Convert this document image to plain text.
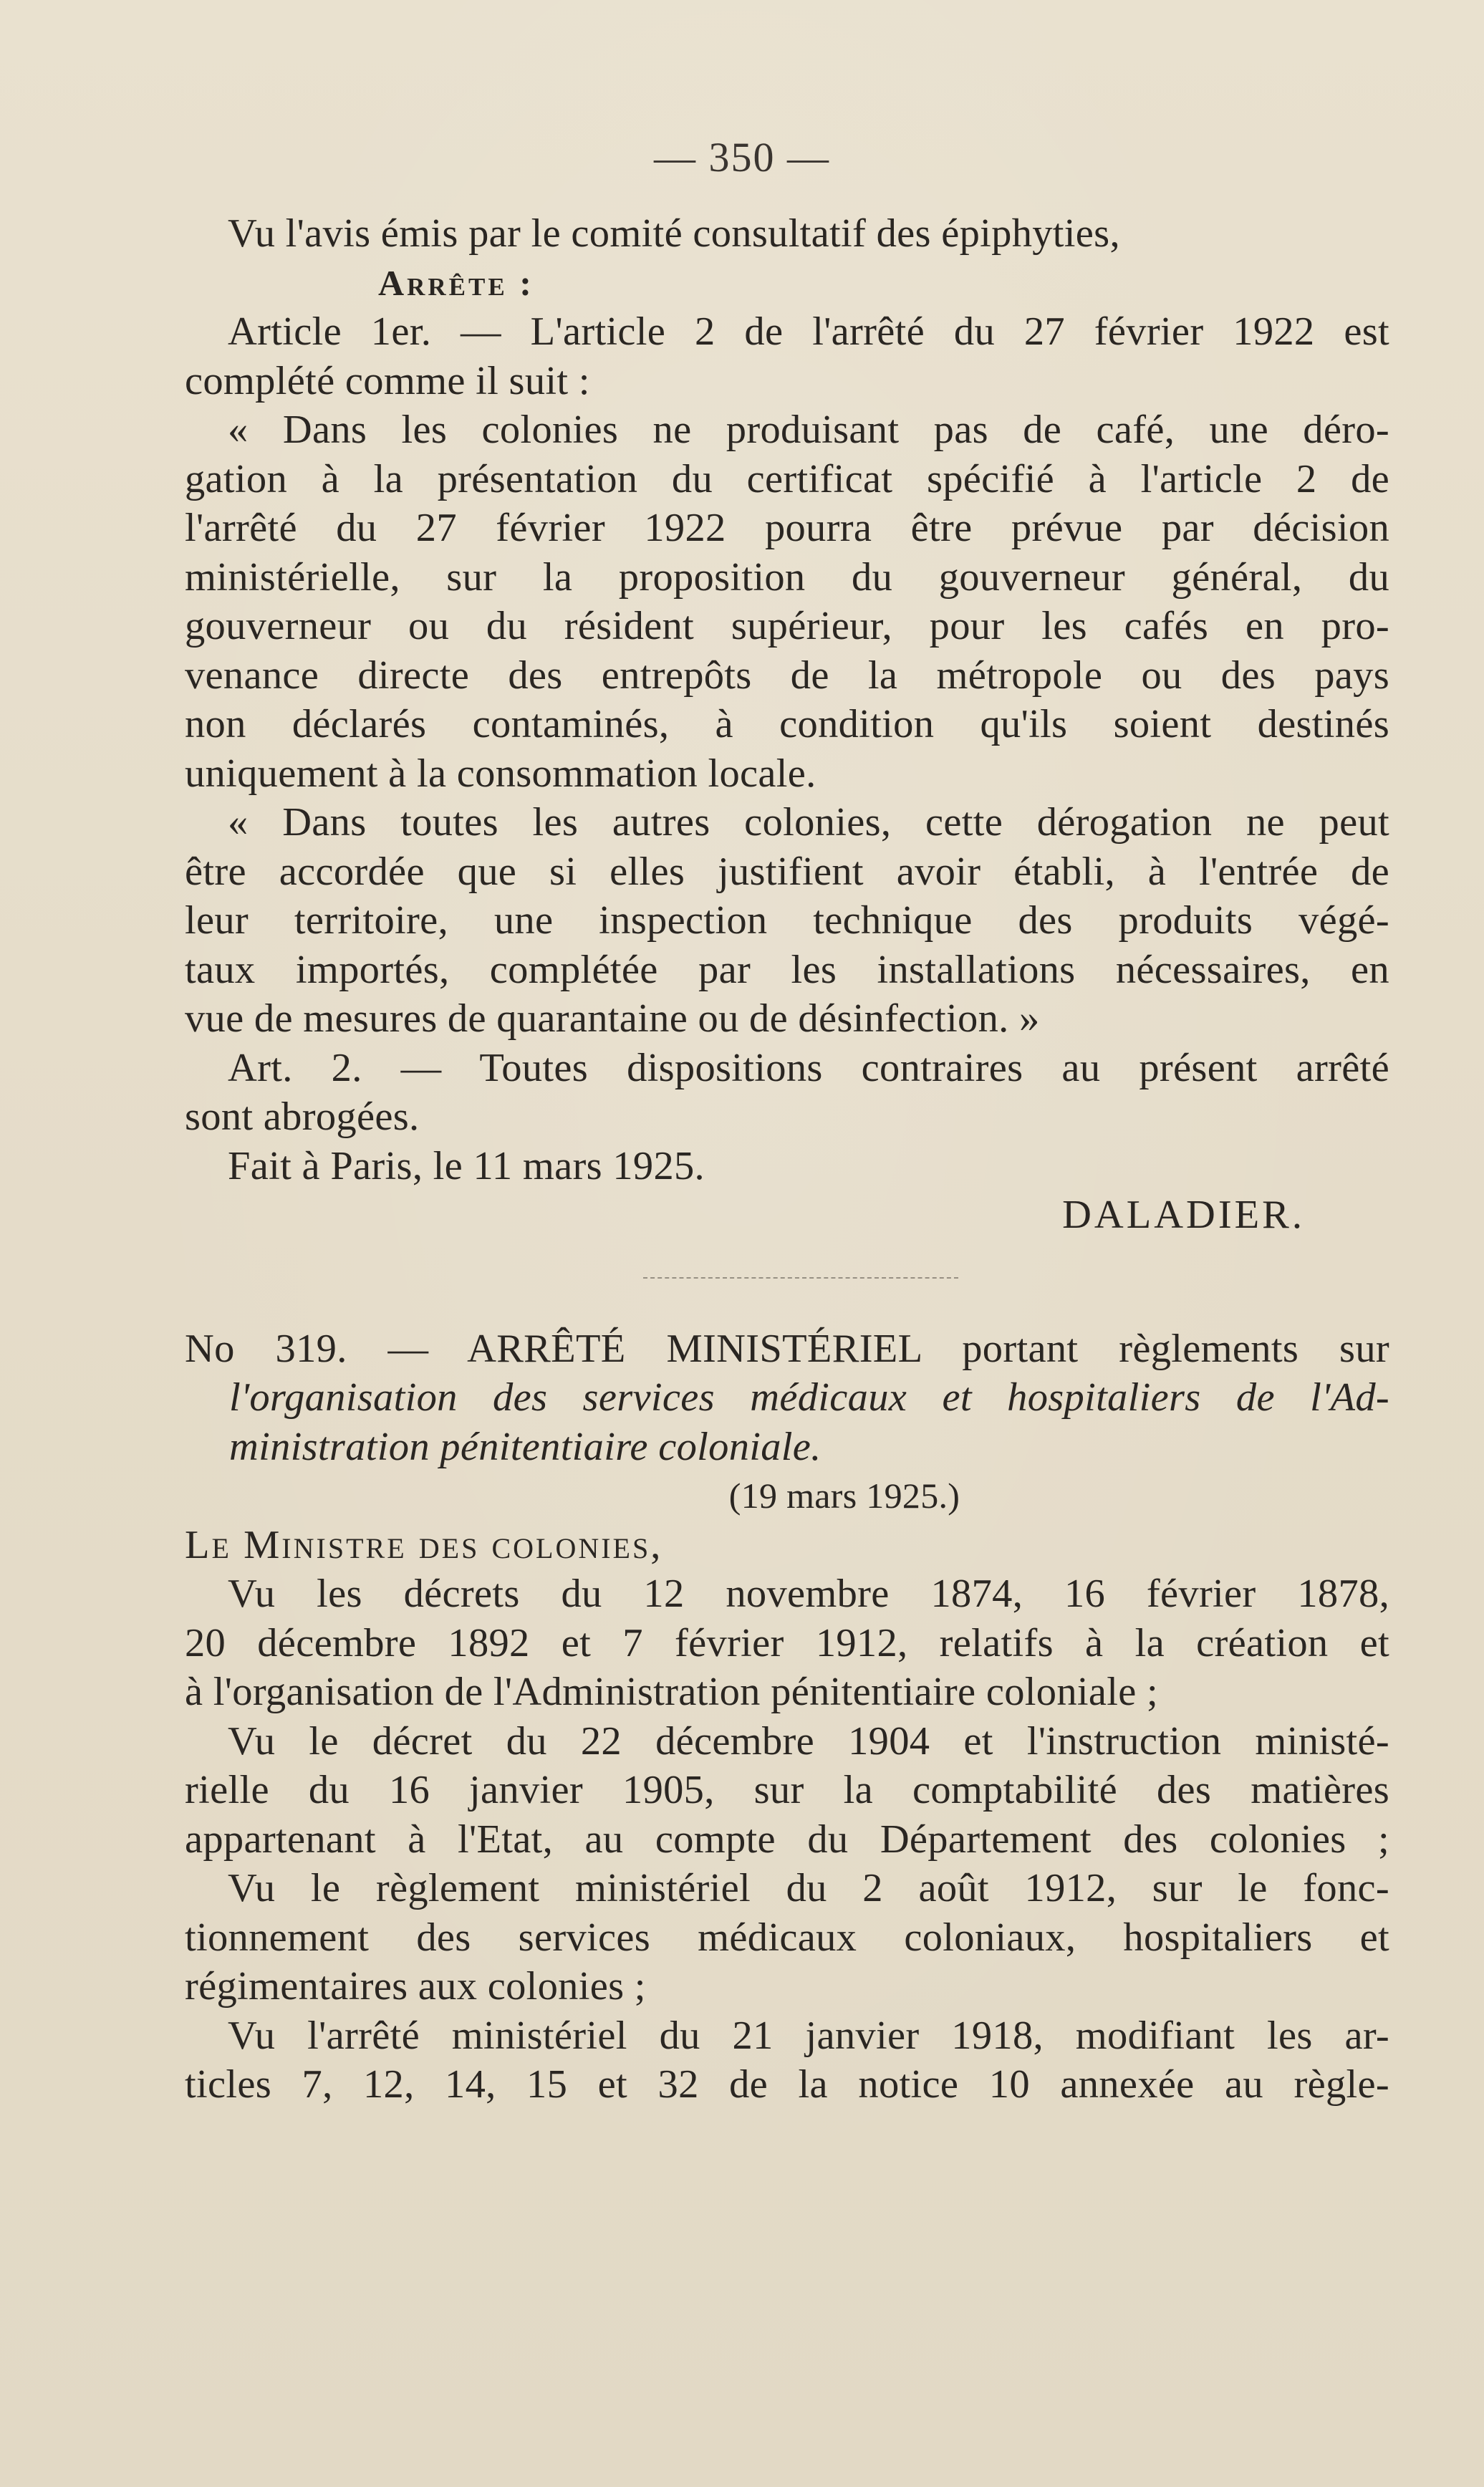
— 350 —
Vu l'avis émis par le comité consultatif des épiphyties,
Arrête :
Article 1er. — L'article 2 de l'arrêté du 27 février 1922 est
complété comme il suit :
« Dans les colonies ne produisant pas de café, une déro-
gation à la présentation du certificat spécifié à l'article 2 de
l'arrêté du 27 février 1922 pourra être prévue par décision
ministérielle, sur la proposition du gouverneur général, du
gouverneur ou du résident supérieur, pour les cafés en pro-
venance directe des entrepôts de la métropole ou des pays
non déclarés contaminés, à condition qu'ils soient destinés
uniquement à la consommation locale.
« Dans toutes les autres colonies, cette dérogation ne peut
être accordée que si elles justifient avoir établi, à l'entrée de
leur territoire, une inspection technique des produits végé-
taux importés, complétée par les installations nécessaires, en
vue de mesures de quarantaine ou de désinfection. »
Art. 2. — Toutes dispositions contraires au présent arrêté
sont abrogées.
Fait à Paris, le 11 mars 1925.
DALADIER.
No 319. — ARRÊTÉ MINISTÉRIEL portant règlements sur
l'organisation des services médicaux et hospitaliers de l'Ad-
ministration pénitentiaire coloniale.
(19 mars 1925.)
Le Ministre des colonies,
Vu les décrets du 12 novembre 1874, 16 février 1878,
20 décembre 1892 et 7 février 1912, relatifs à la création et
à l'organisation de l'Administration pénitentiaire coloniale ;
Vu le décret du 22 décembre 1904 et l'instruction ministé-
rielle du 16 janvier 1905, sur la comptabilité des matières
appartenant à l'Etat, au compte du Département des colonies ;
Vu le règlement ministériel du 2 août 1912, sur le fonc-
tionnement des services médicaux coloniaux, hospitaliers et
régimentaires aux colonies ;
Vu l'arrêté ministériel du 21 janvier 1918, modifiant les ar-
ticles 7, 12, 14, 15 et 32 de la notice 10 annexée au règle-
